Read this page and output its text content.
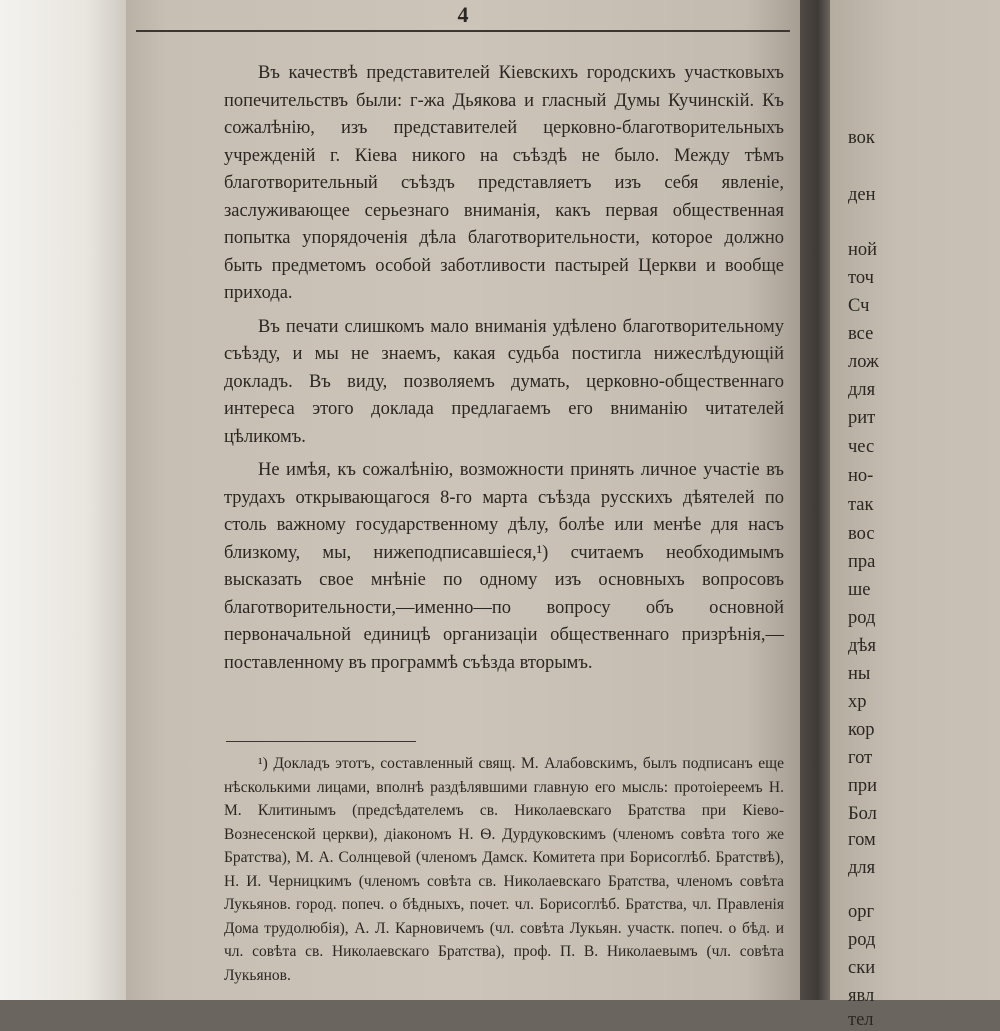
4

Въ качествѣ представителей Кіевскихъ городскихъ участковыхъ попечительствъ были: г-жа Дьякова и гласный Думы Кучинскій. Къ сожалѣнію, изъ представителей церковно-благотворительныхъ учрежденій г. Кіева никого на съѣздѣ не было. Между тѣмъ благотворительный съѣздъ представляетъ изъ себя явленіе, заслуживающее серьезнаго вниманія, какъ первая общественная попытка упорядоченія дѣла благотворительности, которое должно быть предметомъ особой заботливости пастырей Церкви и вообще прихода.

Въ печати слишкомъ мало вниманія удѣлено благотворительному съѣзду, и мы не знаемъ, какая судьба постигла нижеслѣдующій докладъ. Въ виду, позволяемъ думать, церковно-общественнаго интереса этого доклада предлагаемъ его вниманію читателей цѣликомъ.

Не имѣя, къ сожалѣнію, возможности принять личное участіе въ трудахъ открывающагося 8-го марта съѣзда русскихъ дѣятелей по столь важному государственному дѣлу, болѣе или менѣе для насъ близкому, мы, нижеподписавшіеся,¹) считаемъ необходимымъ высказать свое мнѣніе по одному изъ основныхъ вопросовъ благотворительности,—именно—по вопросу объ основной первоначальной единицѣ организаціи общественнаго призрѣнія,—поставленному въ программѣ съѣзда вторымъ.

¹) Докладъ этотъ, составленный свящ. М. Алабовскимъ, былъ подписанъ еще нѣсколькими лицами, вполнѣ раздѣлявшими главную его мысль: протоіереемъ Н. М. Клитинымъ (предсѣдателемъ св. Николаевскаго Братства при Кіево-Вознесенской церкви), діакономъ Н. Ѳ. Дурдуковскимъ (членомъ совѣта того же Братства), М. А. Солнцевой (членомъ Дамск. Комитета при Борисоглѣб. Братствѣ), Н. И. Черницкимъ (членомъ совѣта св. Николаевскаго Братства, членомъ совѣта Лукьянов. город. попеч. о бѣдныхъ, почет. чл. Борисоглѣб. Братства, чл. Правленія Дома трудолюбія), А. Л. Карновичемъ (чл. совѣта Лукьян. участк. попеч. о бѣд. и чл. совѣта св. Николаевскаго Братства), проф. П. В. Николаевымъ (чл. совѣта Лукьянов.

вок
ден
ной
точ
Сч
все
лож
для
рит
чес
но-
так
вос
пра
ше
род
дѣя
ны
хр
кор
гот
при
Бол
гом
для
орг
род
ски
явл
тел
